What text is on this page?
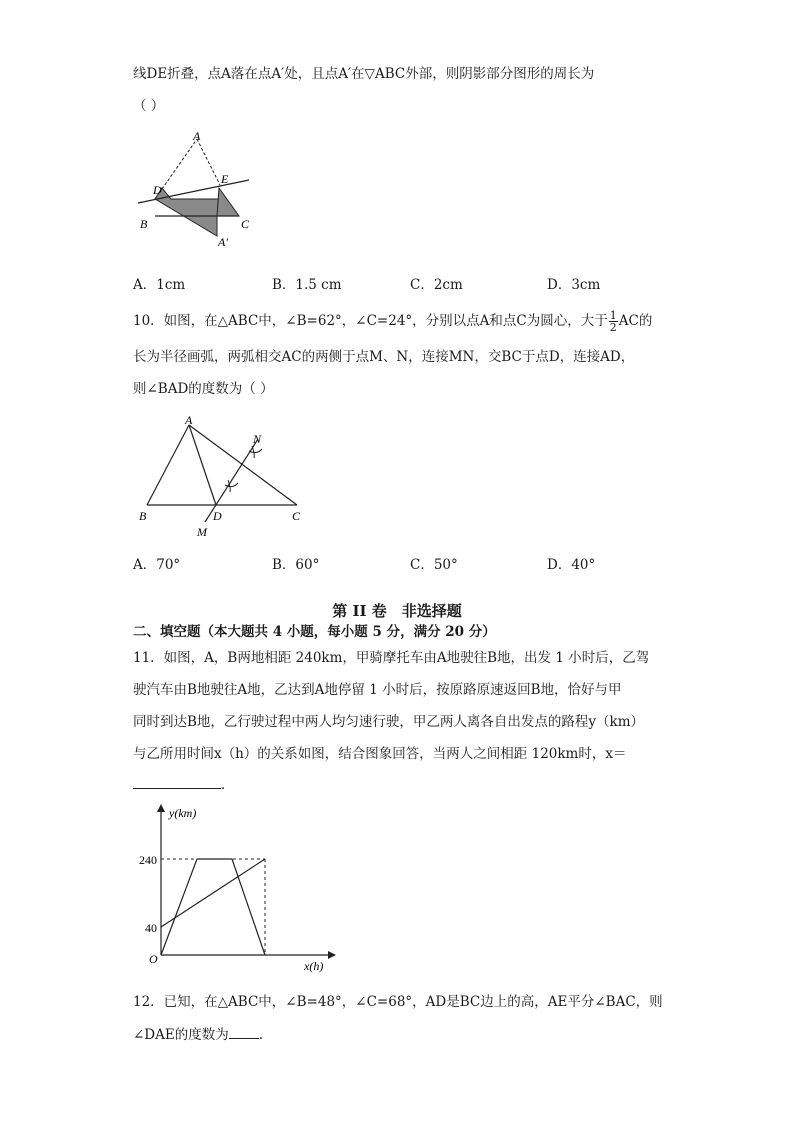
线DE折叠，点A落在点A′处，且点A′在▽ABC外部，则阴影部分图形的周长为
（ ）
A
D
E
B	C
A′
A．1cm	B．1.5 cm	C．2cm	D．3cm
10．如图，在△ABC中，∠B=62°，∠C=24°，分别以点A和点C为圆心，大于 $\frac{1}{2}$ AC的
长为半径画弧，两弧相交AC的两侧于点M、N，连接MN，交BC于点D，连接AD，
则∠BAD的度数为（ ）
A
N
B	D	C
M
A．70°	B．60°	C．50°	D．40°
第 II 卷　非选择题
二、填空题（本大题共 4 小题，每小题 5 分，满分 20 分）
11．如图，A，B两地相距 240km，甲骑摩托车由A地驶往B地，出发 1 小时后，乙驾
驶汽车由B地驶往A地，乙达到A地停留 1 小时后，按原路原速返回B地，恰好与甲
同时到达B地，乙行驶过程中两人均匀速行驶，甲乙两人离各自出发点的路程y（km）
与乙所用时间x（h）的关系如图，结合图象回答，当两人之间相距 120km时，x＝
．
y(km)
x(h)
O
240
40
12．已知，在△ABC中，∠B=48°，∠C=68°，AD是BC边上的高，AE平分∠BAC，则
∠DAE的度数为 ．
